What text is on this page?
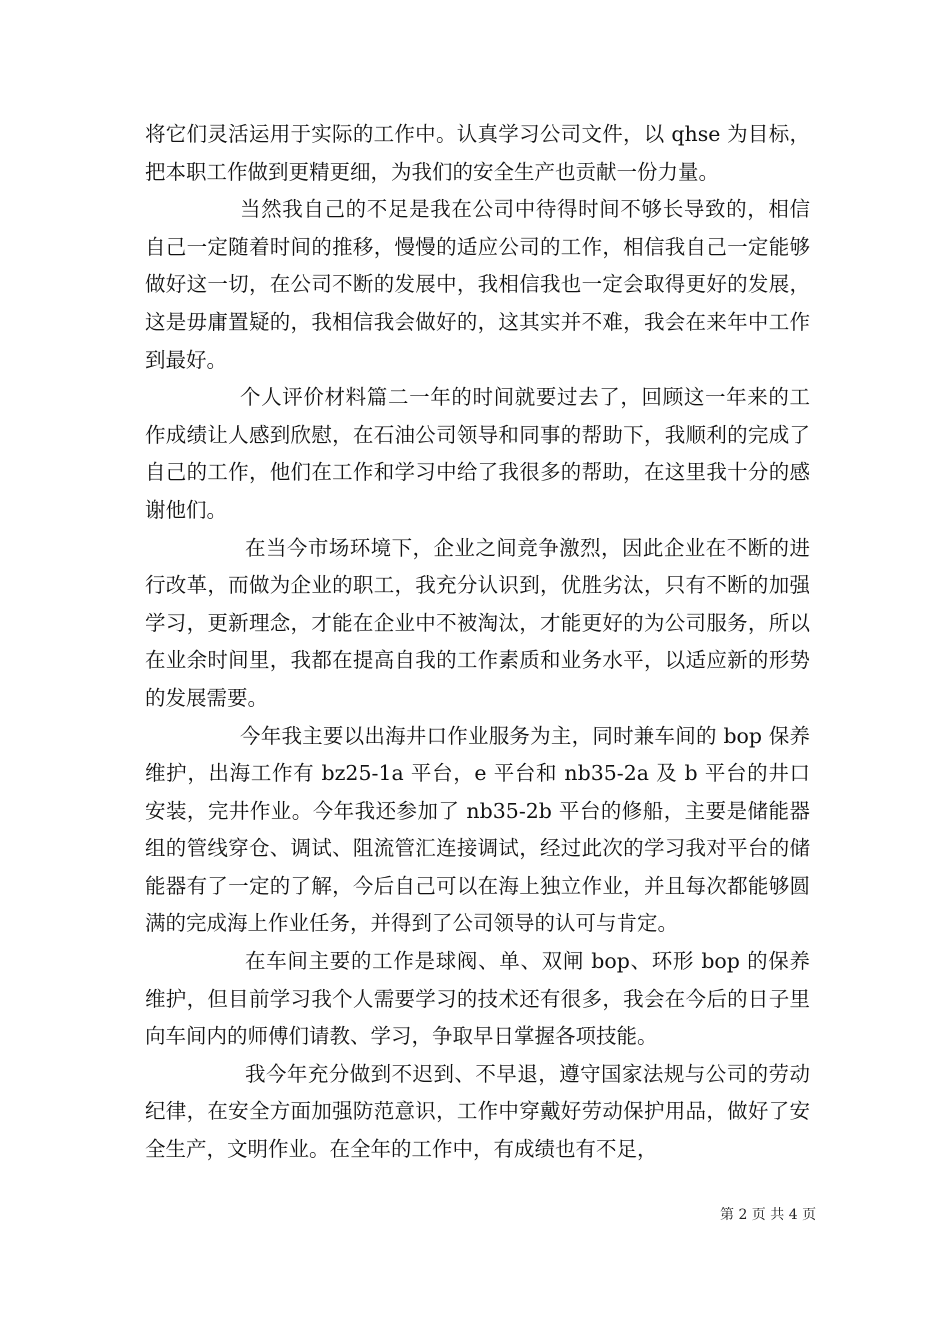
将它们灵活运用于实际的工作中。认真学习公司文件，以 qhse 为目标，把本职工作做到更精更细，为我们的安全生产也贡献一份力量。

当然我自己的不足是我在公司中待得时间不够长导致的，相信自己一定随着时间的推移，慢慢的适应公司的工作，相信我自己一定能够做好这一切，在公司不断的发展中，我相信我也一定会取得更好的发展，这是毋庸置疑的，我相信我会做好的，这其实并不难，我会在来年中工作到最好。

个人评价材料篇二一年的时间就要过去了，回顾这一年来的工作成绩让人感到欣慰，在石油公司领导和同事的帮助下，我顺利的完成了自己的工作，他们在工作和学习中给了我很多的帮助，在这里我十分的感谢他们。

在当今市场环境下，企业之间竞争激烈，因此企业在不断的进行改革，而做为企业的职工，我充分认识到，优胜劣汰，只有不断的加强学习，更新理念，才能在企业中不被淘汰，才能更好的为公司服务，所以在业余时间里，我都在提高自我的工作素质和业务水平，以适应新的形势的发展需要。

今年我主要以出海井口作业服务为主，同时兼车间的 bop 保养维护，出海工作有 bz25-1a 平台，e 平台和 nb35-2a 及 b 平台的井口安装，完井作业。今年我还参加了 nb35-2b 平台的修船，主要是储能器组的管线穿仓、调试、阻流管汇连接调试，经过此次的学习我对平台的储能器有了一定的了解，今后自己可以在海上独立作业，并且每次都能够圆满的完成海上作业任务，并得到了公司领导的认可与肯定。

在车间主要的工作是球阀、单、双闸 bop、环形 bop 的保养维护，但目前学习我个人需要学习的技术还有很多，我会在今后的日子里向车间内的师傅们请教、学习，争取早日掌握各项技能。

我今年充分做到不迟到、不早退，遵守国家法规与公司的劳动纪律，在安全方面加强防范意识，工作中穿戴好劳动保护用品，做好了安全生产，文明作业。在全年的工作中，有成绩也有不足，

第 2 页 共 4 页
